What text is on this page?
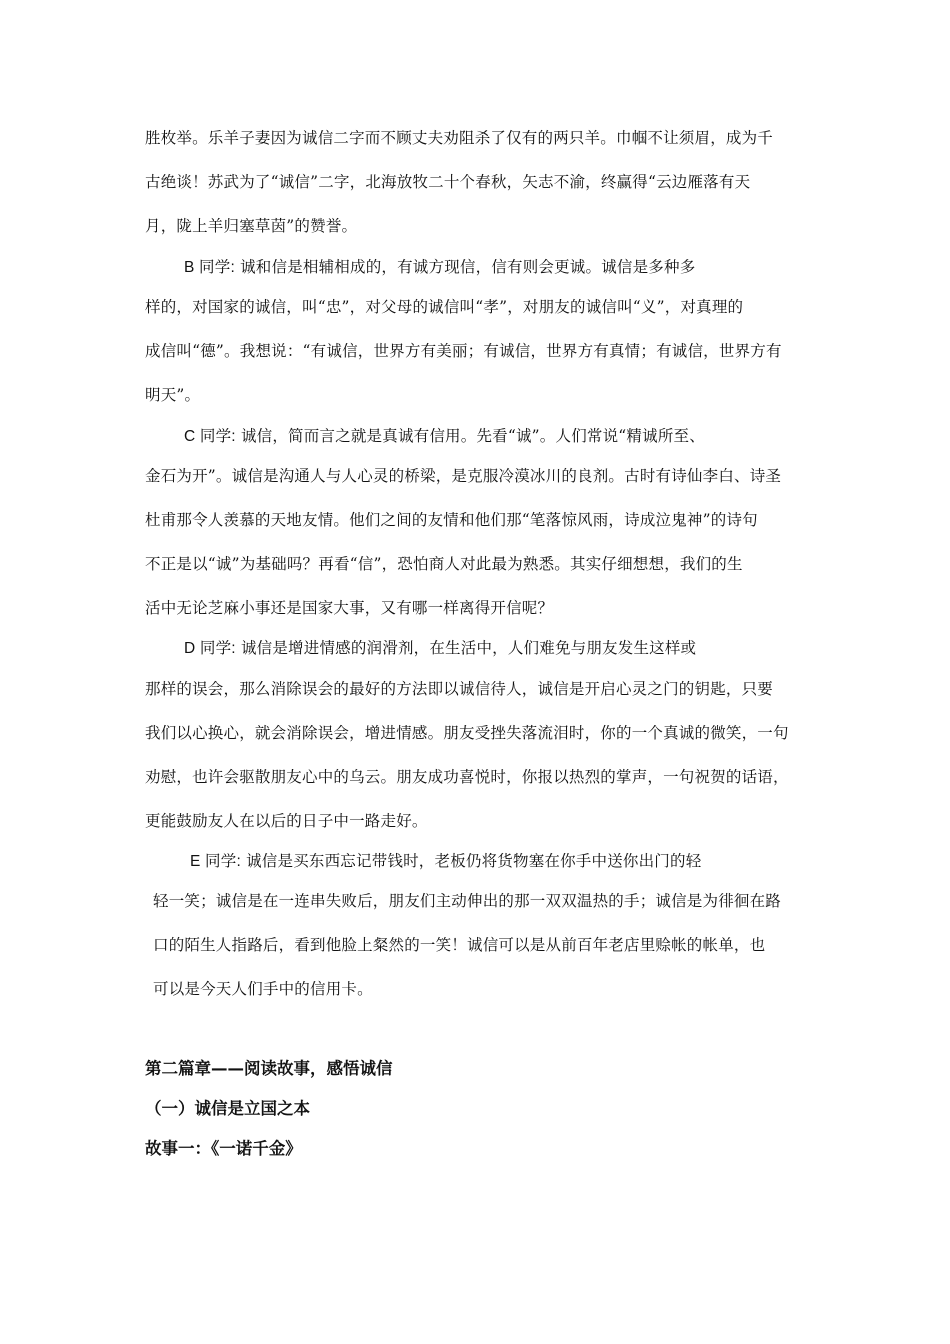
胜枚举。乐羊子妻因为诚信二字而不顾丈夫劝阻杀了仅有的两只羊。巾帼不让须眉，成为千
古绝谈！苏武为了“诚信”二字，北海放牧二十个春秋，矢志不渝，终赢得“云边雁落有天
月，陇上羊归塞草茵”的赞誉。
B 同学: 诚和信是相辅相成的，有诚方现信，信有则会更诚。诚信是多种多
样的，对国家的诚信，叫“忠”，对父母的诚信叫“孝”，对朋友的诚信叫“义”，对真理的
成信叫“德”。我想说：“有诚信，世界方有美丽；有诚信，世界方有真情；有诚信，世界方有
明天”。
C 同学: 诚信，简而言之就是真诚有信用。先看“诚”。人们常说“精诚所至、
金石为开”。诚信是沟通人与人心灵的桥梁，是克服冷漠冰川的良剂。古时有诗仙李白、诗圣
杜甫那令人羡慕的天地友情。他们之间的友情和他们那“笔落惊风雨，诗成泣鬼神”的诗句
不正是以“诚”为基础吗？再看“信”，恐怕商人对此最为熟悉。其实仔细想想，我们的生
活中无论芝麻小事还是国家大事，又有哪一样离得开信呢？
D 同学: 诚信是增进情感的润滑剂，在生活中，人们难免与朋友发生这样或
那样的误会，那么消除误会的最好的方法即以诚信待人，诚信是开启心灵之门的钥匙，只要
我们以心换心，就会消除误会，增进情感。朋友受挫失落流泪时，你的一个真诚的微笑，一句
劝慰，也许会驱散朋友心中的乌云。朋友成功喜悦时，你报以热烈的掌声，一句祝贺的话语，
更能鼓励友人在以后的日子中一路走好。
E 同学: 诚信是买东西忘记带钱时，老板仍将货物塞在你手中送你出门的轻
轻一笑；诚信是在一连串失败后，朋友们主动伸出的那一双双温热的手；诚信是为徘徊在路
口的陌生人指路后，看到他脸上粲然的一笑！诚信可以是从前百年老店里赊帐的帐单，也
可以是今天人们手中的信用卡。
第二篇章——阅读故事，感悟诚信
（一）诚信是立国之本
故事一：《一诺千金》
